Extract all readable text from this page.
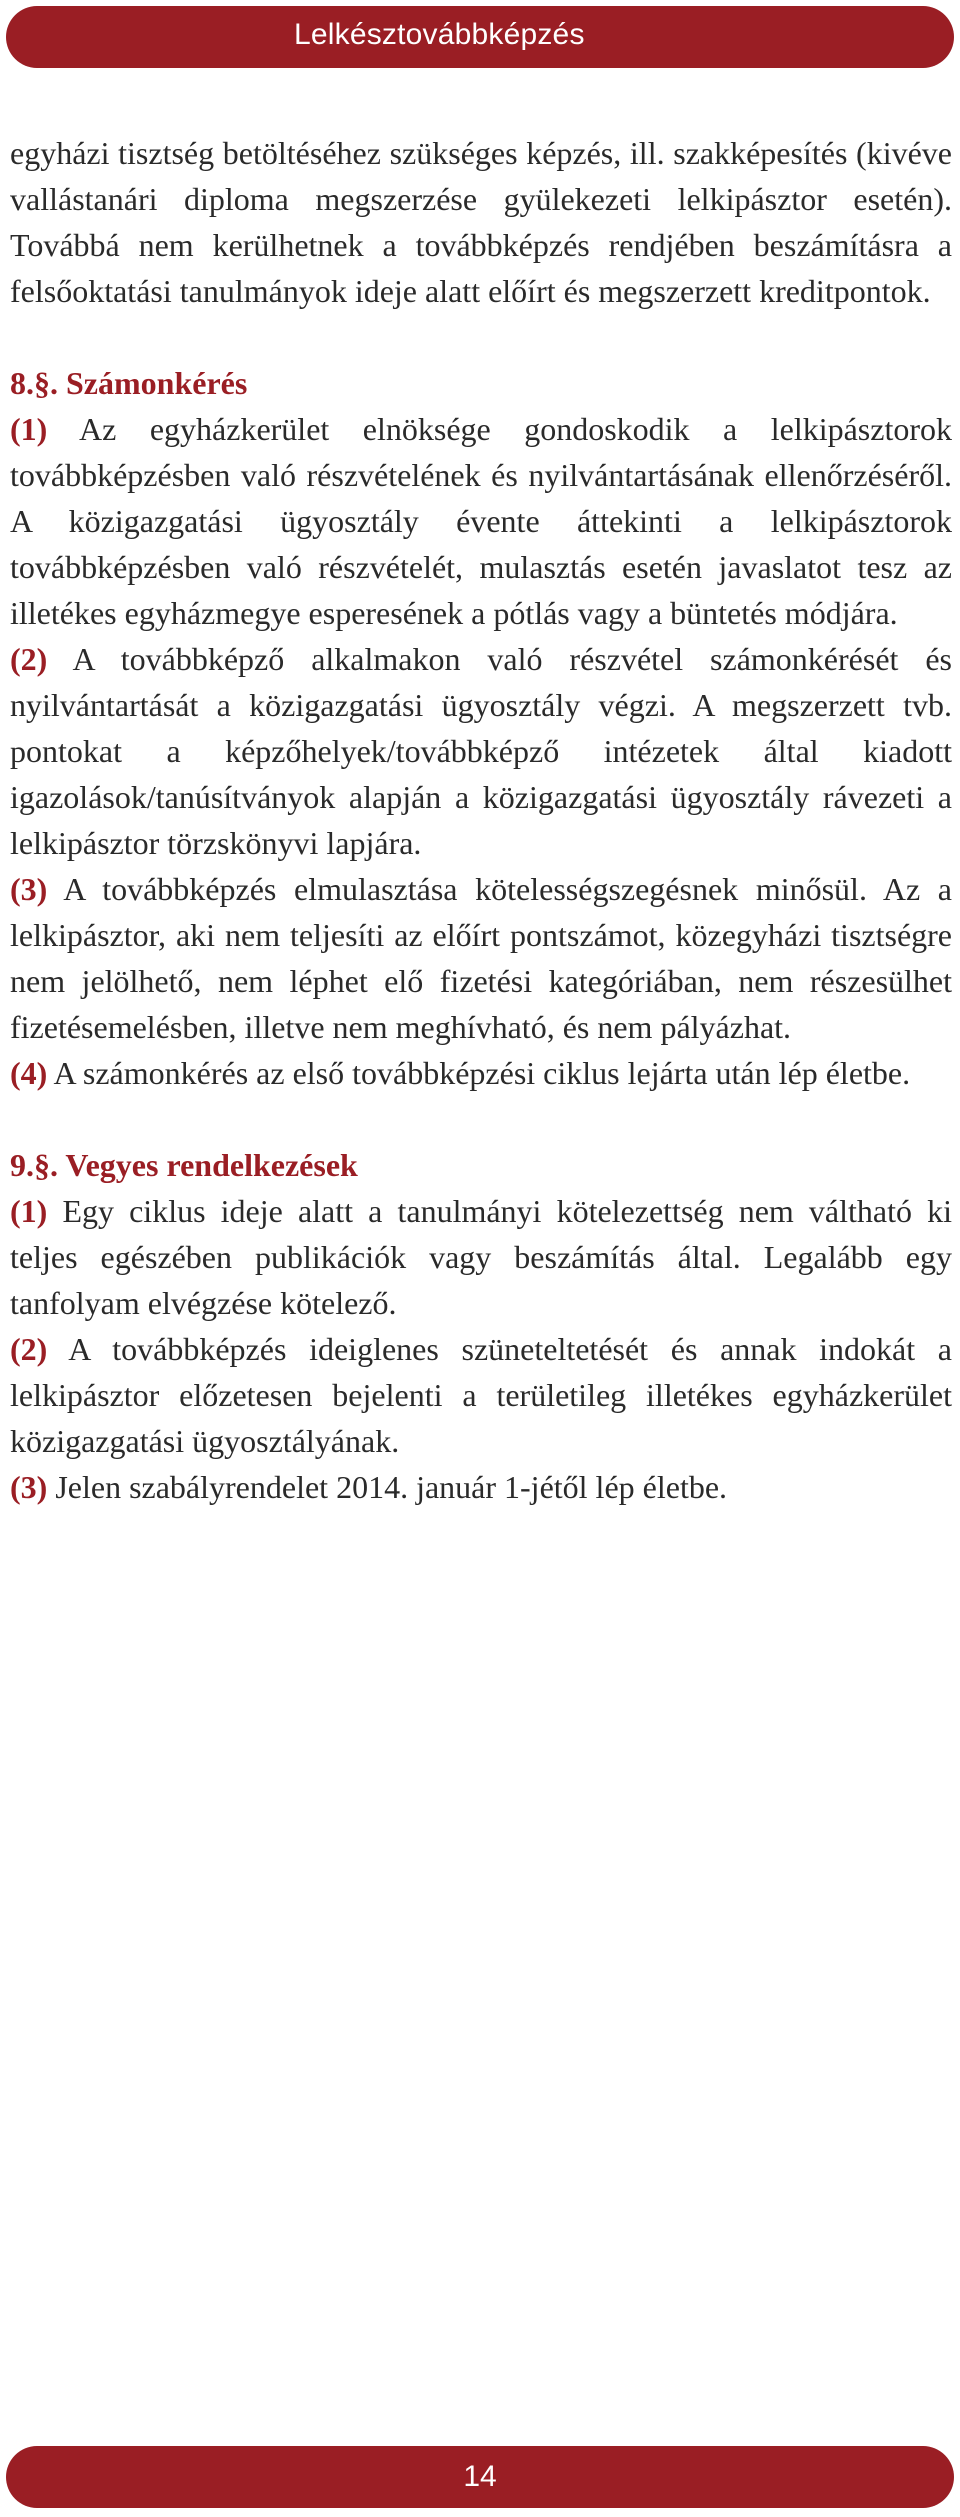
Lelkésztovábbképzés

egyházi tisztség betöltéséhez szükséges képzés, ill. szakképesítés (kivéve vallástanári diploma megszerzése gyülekezeti lelkipásztor esetén). Továbbá nem kerülhetnek a továbbképzés rendjében beszámításra a felsőoktatási tanulmányok ideje alatt előírt és megszerzett kreditpontok.

8.§. Számonkérés

(1) Az egyházkerület elnöksége gondoskodik a lelkipásztorok továbbképzésben való részvételének és nyilvántartásának ellenőrzéséről. A közigazgatási ügyosztály évente áttekinti a lelkipásztorok továbbképzésben való részvételét, mulasztás esetén javaslatot tesz az illetékes egyházmegye esperesének a pótlás vagy a büntetés módjára.

(2) A továbbképző alkalmakon való részvétel számonkérését és nyilvántartását a közigazgatási ügyosztály végzi. A megszerzett tvb. pontokat a képzőhelyek/továbbképző intézetek által kiadott igazolások/tanúsítványok alapján a közigazgatási ügyosztály rávezeti a lelkipásztor törzskönyvi lapjára.

(3) A továbbképzés elmulasztása kötelességszegésnek minősül. Az a lelkipásztor, aki nem teljesíti az előírt pontszámot, közegyházi tisztségre nem jelölhető, nem léphet elő fizetési kategóriában, nem részesülhet fizetésemelésben, illetve nem meghívható, és nem pályázhat.

(4) A számonkérés az első továbbképzési ciklus lejárta után lép életbe.

9.§. Vegyes rendelkezések

(1) Egy ciklus ideje alatt a tanulmányi kötelezettség nem váltható ki teljes egészében publikációk vagy beszámítás által. Legalább egy tanfolyam elvégzése kötelező.

(2) A továbbképzés ideiglenes szüneteltetését és annak indokát a lelkipásztor előzetesen bejelenti a területileg illetékes egyházkerület közigazgatási ügyosztályának.

(3) Jelen szabályrendelet 2014. január 1-jétől lép életbe.

14
